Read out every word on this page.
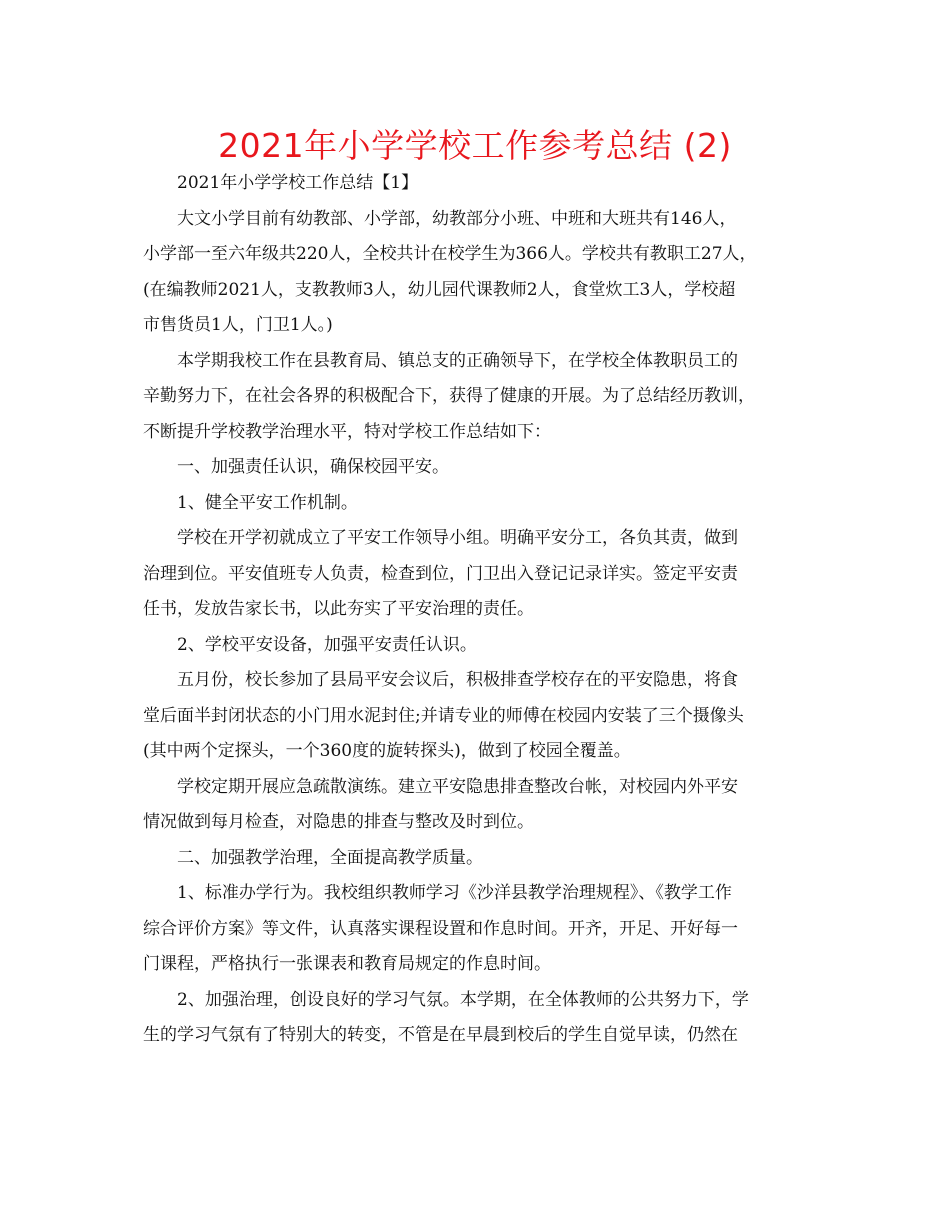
2021年小学学校工作参考总结 (2)
2021年小学学校工作总结【1】
大文小学目前有幼教部、小学部，幼教部分小班、中班和大班共有146人，
小学部一至六年级共220人，全校共计在校学生为366人。学校共有教职工27人，
(在编教师2021人，支教教师3人，幼儿园代课教师2人，食堂炊工3人，学校超
市售货员1人，门卫1人。)
本学期我校工作在县教育局、镇总支的正确领导下，在学校全体教职员工的
辛勤努力下，在社会各界的积极配合下，获得了健康的开展。为了总结经历教训，
不断提升学校教学治理水平，特对学校工作总结如下：
一、加强责任认识，确保校园平安。
1、健全平安工作机制。
学校在开学初就成立了平安工作领导小组。明确平安分工，各负其责，做到
治理到位。平安值班专人负责，检查到位，门卫出入登记记录详实。签定平安责
任书，发放告家长书，以此夯实了平安治理的责任。
2、学校平安设备，加强平安责任认识。
五月份，校长参加了县局平安会议后，积极排查学校存在的平安隐患，将食
堂后面半封闭状态的小门用水泥封住;并请专业的师傅在校园内安装了三个摄像头
(其中两个定探头，一个360度的旋转探头)，做到了校园全覆盖。
学校定期开展应急疏散演练。建立平安隐患排查整改台帐，对校园内外平安
情况做到每月检查，对隐患的排查与整改及时到位。
二、加强教学治理，全面提高教学质量。
1、标准办学行为。我校组织教师学习《沙洋县教学治理规程》、《教学工作
综合评价方案》等文件，认真落实课程设置和作息时间。开齐，开足、开好每一
门课程，严格执行一张课表和教育局规定的作息时间。
2、加强治理，创设良好的学习气氛。本学期，在全体教师的公共努力下，学
生的学习气氛有了特别大的转变，不管是在早晨到校后的学生自觉早读，仍然在
